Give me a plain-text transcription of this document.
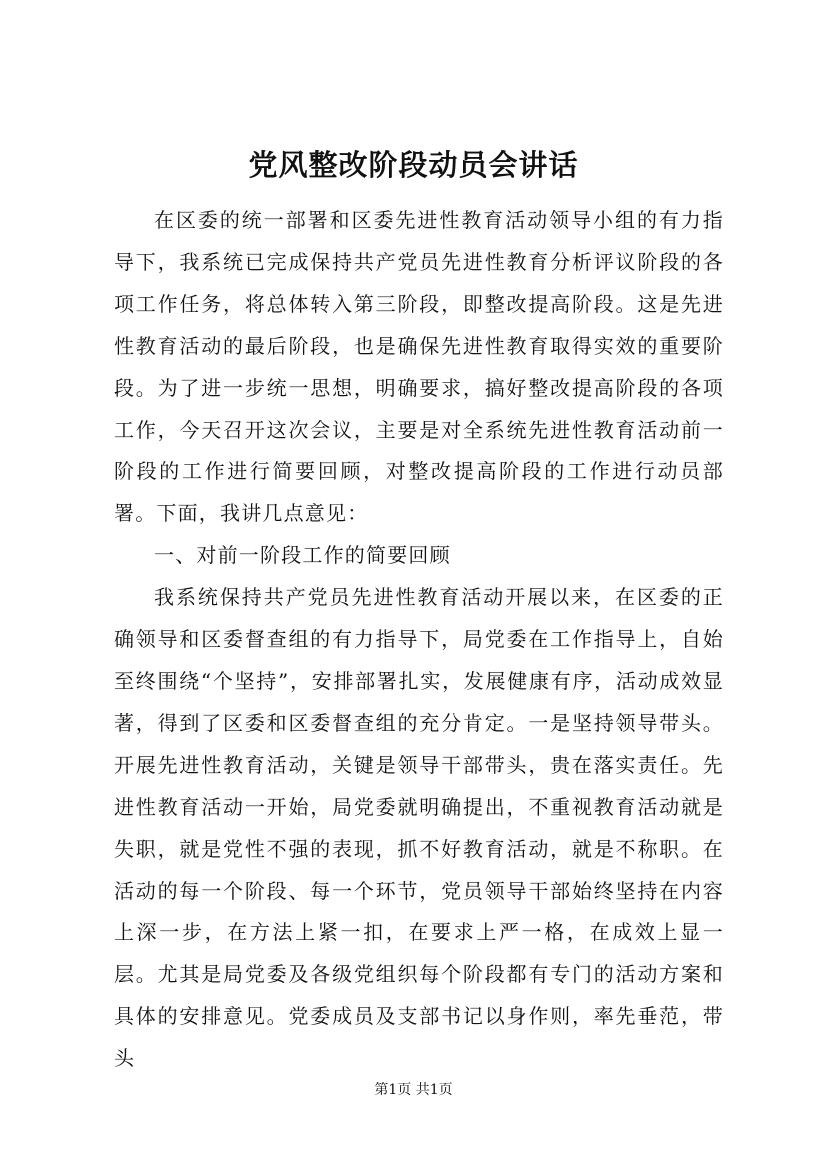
党风整改阶段动员会讲话

在区委的统一部署和区委先进性教育活动领导小组的有力指导下，我系统已完成保持共产党员先进性教育分析评议阶段的各项工作任务，将总体转入第三阶段，即整改提高阶段。这是先进性教育活动的最后阶段，也是确保先进性教育取得实效的重要阶段。为了进一步统一思想，明确要求，搞好整改提高阶段的各项工作，今天召开这次会议，主要是对全系统先进性教育活动前一阶段的工作进行简要回顾，对整改提高阶段的工作进行动员部署。下面，我讲几点意见：

一、对前一阶段工作的简要回顾

我系统保持共产党员先进性教育活动开展以来，在区委的正确领导和区委督查组的有力指导下，局党委在工作指导上，自始至终围绕“个坚持”，安排部署扎实，发展健康有序，活动成效显著，得到了区委和区委督查组的充分肯定。一是坚持领导带头。开展先进性教育活动，关键是领导干部带头，贵在落实责任。先进性教育活动一开始，局党委就明确提出，不重视教育活动就是失职，就是党性不强的表现，抓不好教育活动，就是不称职。在活动的每一个阶段、每一个环节，党员领导干部始终坚持在内容上深一步，在方法上紧一扣，在要求上严一格，在成效上显一层。尤其是局党委及各级党组织每个阶段都有专门的活动方案和具体的安排意见。党委成员及支部书记以身作则，率先垂范，带头

第1页 共1页
